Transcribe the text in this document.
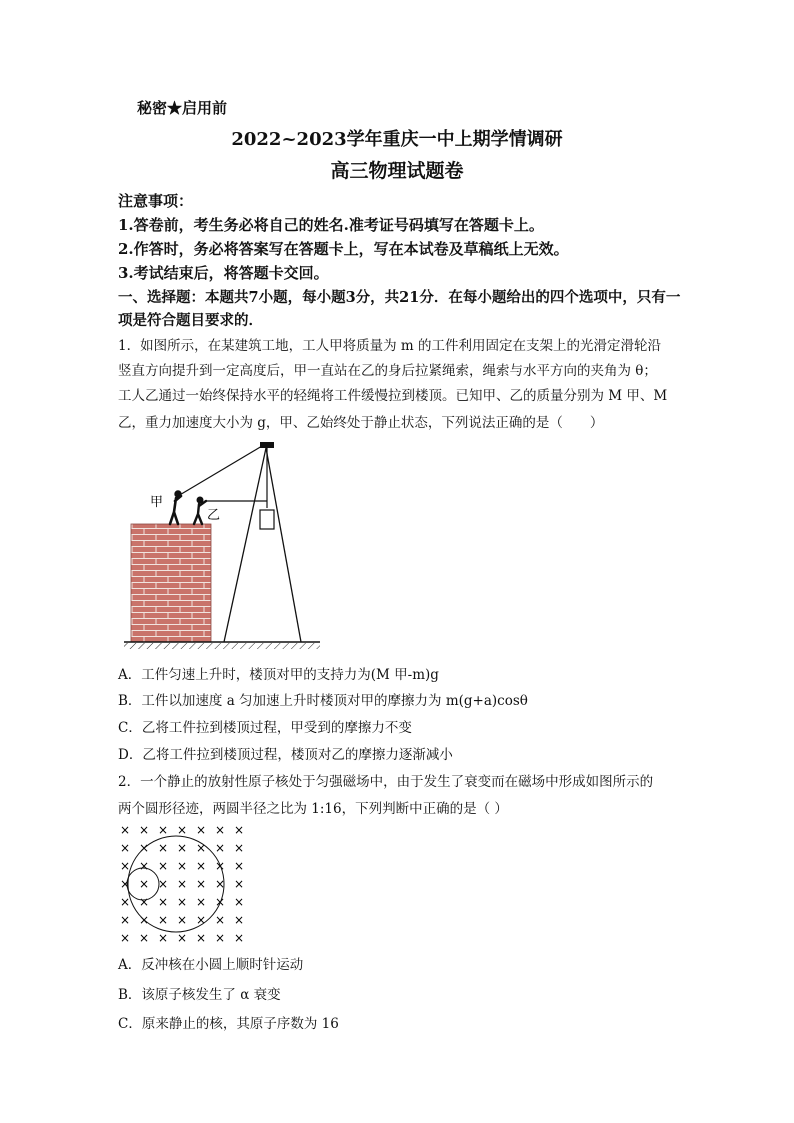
秘密★启用前
2022~2023学年重庆一中上期学情调研
高三物理试题卷
注意事项：
1.答卷前，考生务必将自己的姓名.准考证号码填写在答题卡上。
2.作答时，务必将答案写在答题卡上，写在本试卷及草稿纸上无效。
3.考试结束后，将答题卡交回。
一、选择题：本题共7小题，每小题3分，共21分．在每小题给出的四个选项中，只有一
项是符合题目要求的．
1．如图所示，在某建筑工地，工人甲将质量为 m 的工件利用固定在支架上的光滑定滑轮沿
竖直方向提升到一定高度后，甲一直站在乙的身后拉紧绳索，绳索与水平方向的夹角为 θ；
工人乙通过一始终保持水平的轻绳将工件缓慢拉到楼顶。已知甲、乙的质量分别为 M 甲、M
乙，重力加速度大小为 g，甲、乙始终处于静止状态，下列说法正确的是（　　）
甲
乙
A．工件匀速上升时，楼顶对甲的支持力为(M 甲-m)g
B．工件以加速度 a 匀加速上升时楼顶对甲的摩擦力为 m(g+a)cosθ
C．乙将工件拉到楼顶过程，甲受到的摩擦力不变
D．乙将工件拉到楼顶过程，楼顶对乙的摩擦力逐渐减小
2．一个静止的放射性原子核处于匀强磁场中，由于发生了衰变而在磁场中形成如图所示的
两个圆形径迹，两圆半径之比为 1:16，下列判断中正确的是（ ）
× × × × × × ×
× × × × × × ×
× × × × × × ×
× × × × × × ×
× × × × × × ×
× × × × × × ×
× × × × × × ×
A．反冲核在小圆上顺时针运动
B．该原子核发生了 α 衰变
C．原来静止的核，其原子序数为 16
